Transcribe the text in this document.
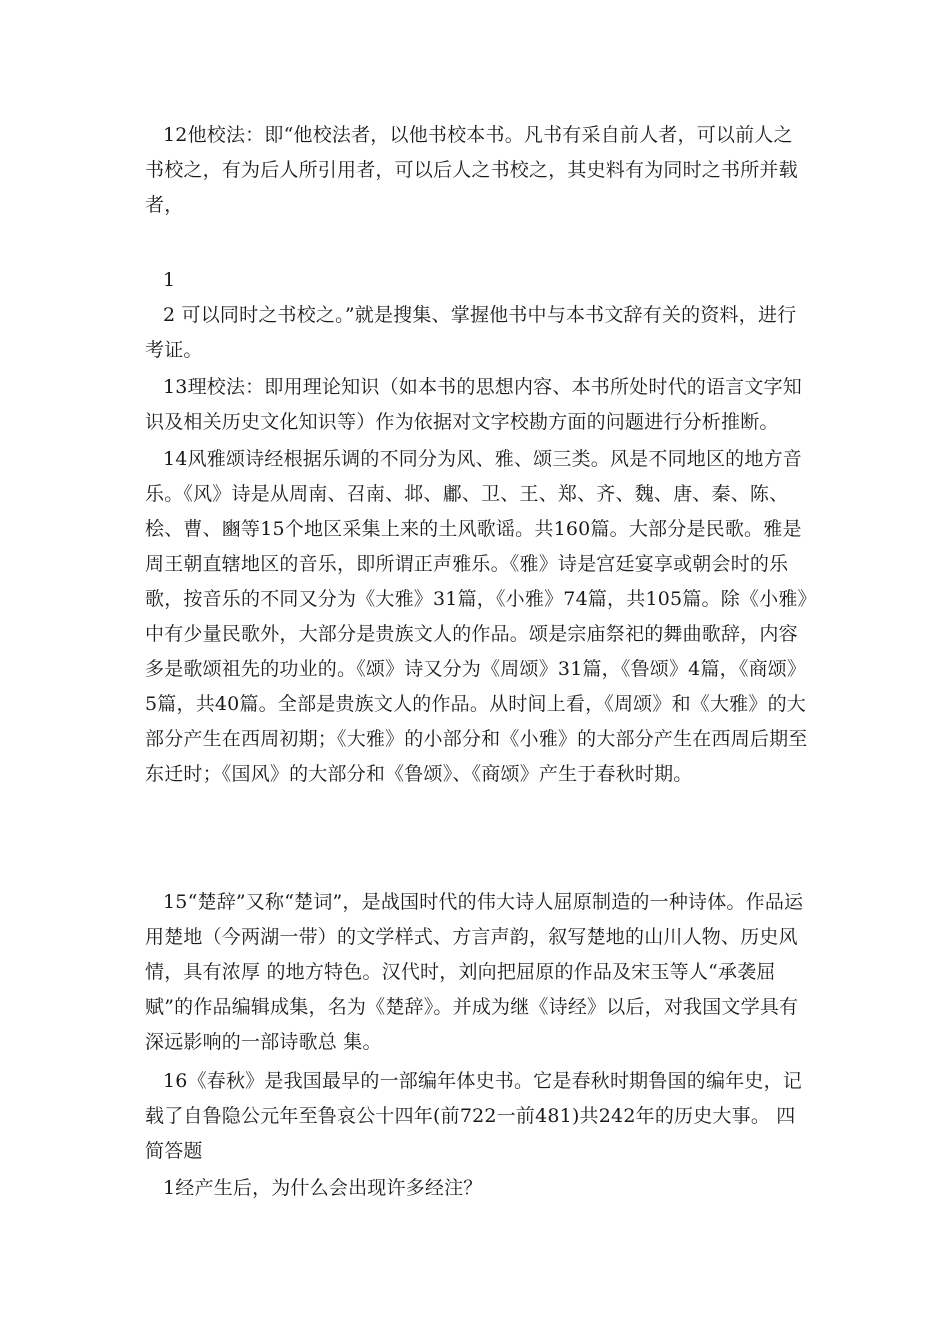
12他校法：即“他校法者，以他书校本书。凡书有采自前人者，可以前人之书校之，有为后人所引用者，可以后人之书校之，其史料有为同时之书所并载者，

1

2 可以同时之书校之。”就是搜集、掌握他书中与本书文辞有关的资料，进行考证。

13理校法：即用理论知识（如本书的思想内容、本书所处时代的语言文字知识及相关历史文化知识等）作为依据对文字校勘方面的问题进行分析推断。

14风雅颂诗经根据乐调的不同分为风、雅、颂三类。风是不同地区的地方音乐。《风》诗是从周南、召南、邶、鄘、卫、王、郑、齐、魏、唐、秦、陈、桧、曹、豳等15个地区采集上来的土风歌谣。共160篇。大部分是民歌。雅是周王朝直辖地区的音乐，即所谓正声雅乐。《雅》诗是宫廷宴享或朝会时的乐歌，按音乐的不同又分为《大雅》31篇，《小雅》74篇，共105篇。除《小雅》中有少量民歌外，大部分是贵族文人的作品。颂是宗庙祭祀的舞曲歌辞，内容多是歌颂祖先的功业的。《颂》诗又分为《周颂》31篇，《鲁颂》4篇，《商颂》5篇，共40篇。全部是贵族文人的作品。从时间上看，《周颂》和《大雅》的大部分产生在西周初期；《大雅》的小部分和《小雅》的大部分产生在西周后期至东迁时；《国风》的大部分和《鲁颂》、《商颂》产生于春秋时期。

15“楚辞”又称“楚词”，是战国时代的伟大诗人屈原制造的一种诗体。作品运用楚地（今两湖一带）的文学样式、方言声韵，叙写楚地的山川人物、历史风情，具有浓厚 的地方特色。汉代时，刘向把屈原的作品及宋玉等人“承袭屈赋”的作品编辑成集，名为《楚辞》。并成为继《诗经》以后，对我国文学具有深远影响的一部诗歌总 集。

16《春秋》是我国最早的一部编年体史书。它是春秋时期鲁国的编年史，记载了自鲁隐公元年至鲁哀公十四年(前722一前481)共242年的历史大事。 四简答题

1经产生后，为什么会出现许多经注？
